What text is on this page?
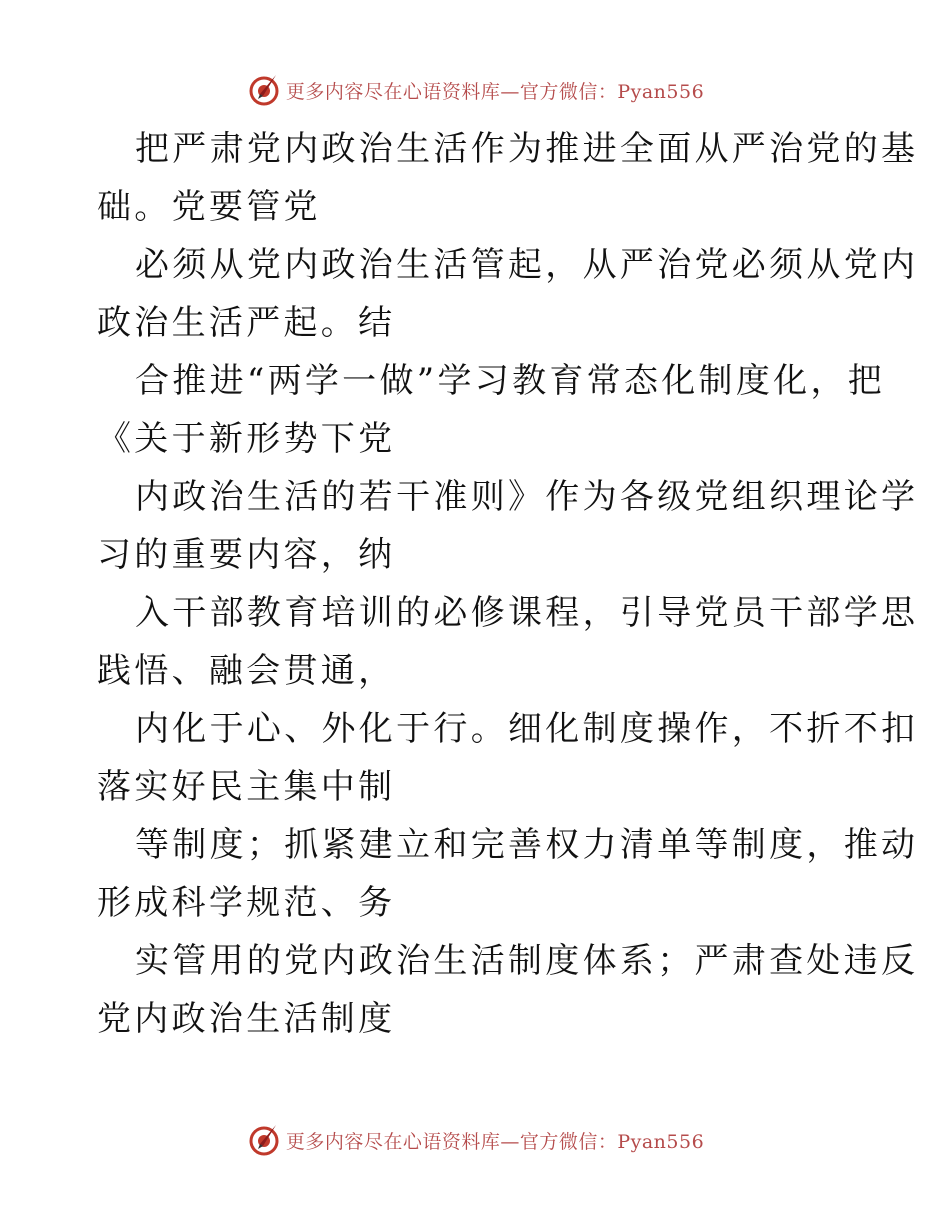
更多内容尽在心语资料库—官方微信：Pyan556

把严肃党内政治生活作为推进全面从严治党的基
础。党要管党

必须从党内政治生活管起，从严治党必须从党内
政治生活严起。结

合推进“两学一做”学习教育常态化制度化，把
《关于新形势下党

内政治生活的若干准则》作为各级党组织理论学
习的重要内容，纳

入干部教育培训的必修课程，引导党员干部学思
践悟、融会贯通，

内化于心、外化于行。细化制度操作，不折不扣
落实好民主集中制

等制度；抓紧建立和完善权力清单等制度，推动
形成科学规范、务

实管用的党内政治生活制度体系；严肃查处违反
党内政治生活制度

更多内容尽在心语资料库—官方微信：Pyan556
